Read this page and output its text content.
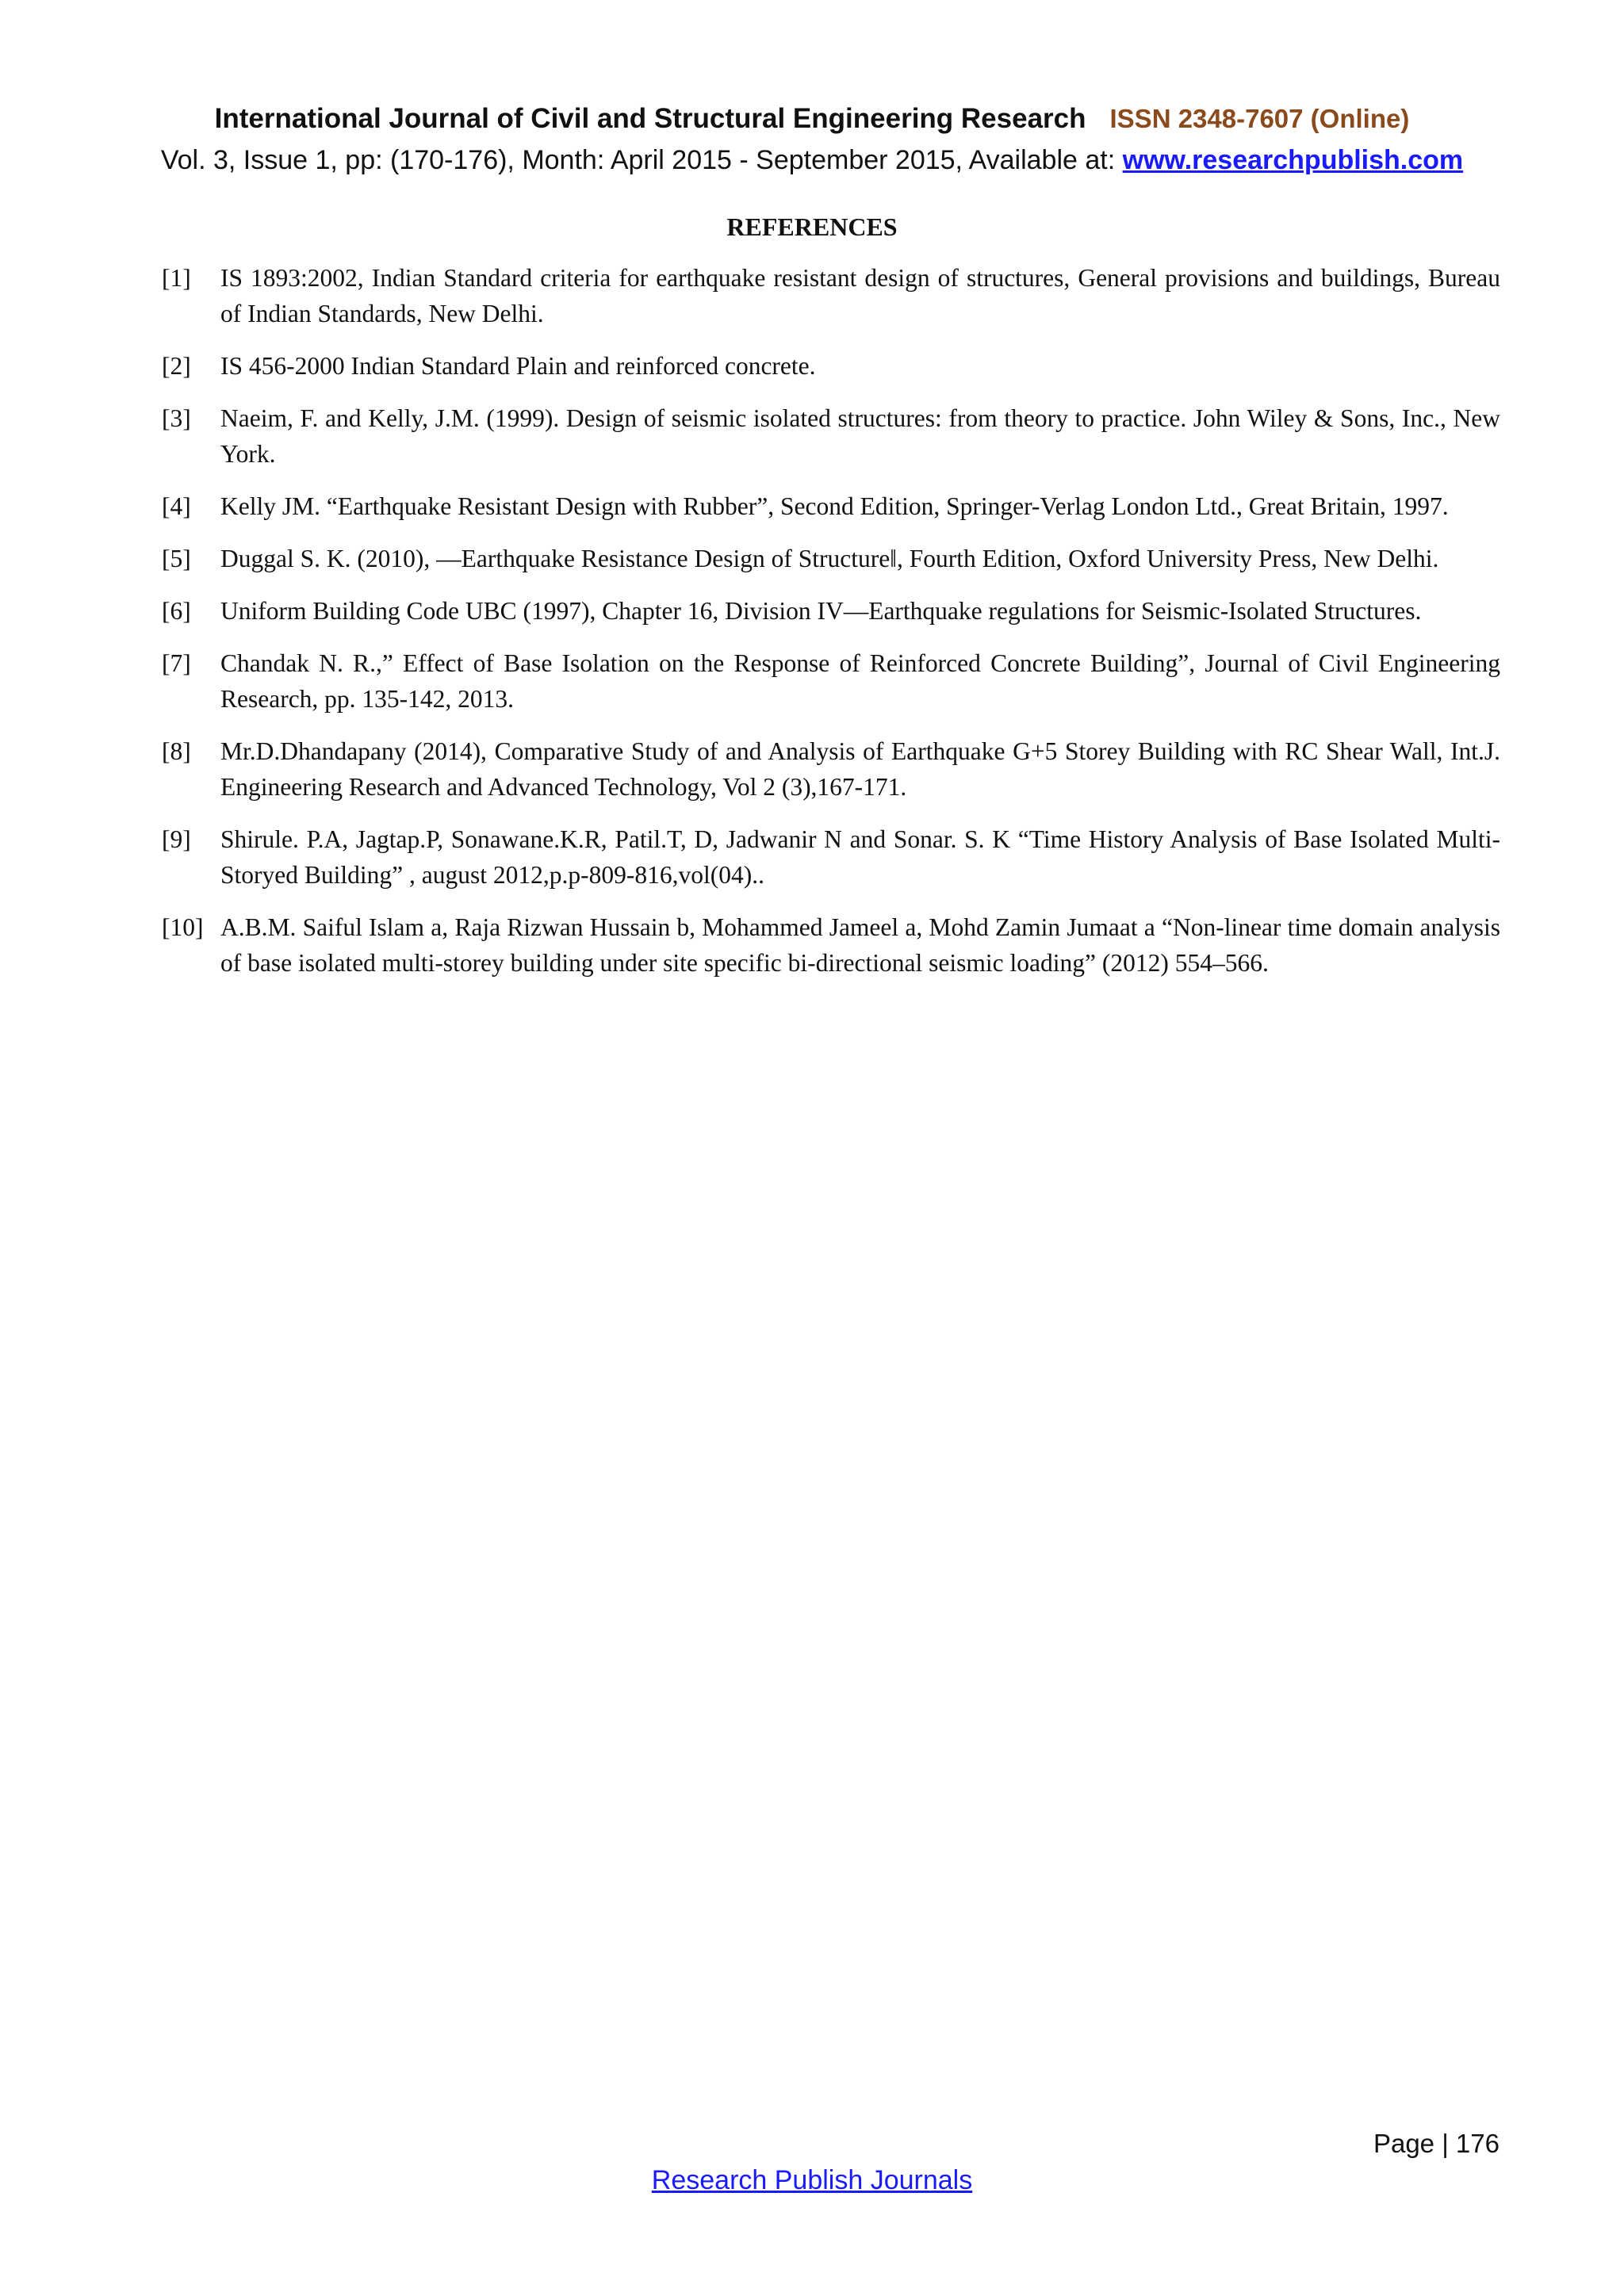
International Journal of Civil and Structural Engineering Research ISSN 2348-7607 (Online)
Vol. 3, Issue 1, pp: (170-176), Month: April 2015 - September 2015, Available at: www.researchpublish.com
REFERENCES
[1]	IS 1893:2002, Indian Standard criteria for earthquake resistant design of structures, General provisions and buildings, Bureau of Indian Standards, New Delhi.
[2]	IS 456-2000 Indian Standard Plain and reinforced concrete.
[3]	Naeim, F. and Kelly, J.M. (1999). Design of seismic isolated structures: from theory to practice. John Wiley & Sons, Inc., New York.
[4]	Kelly JM. “Earthquake Resistant Design with Rubber”, Second Edition, Springer-Verlag London Ltd., Great Britain, 1997.
[5]	Duggal S. K. (2010), ―Earthquake Resistance Design of Structure‖, Fourth Edition, Oxford University Press, New Delhi.
[6]	Uniform Building Code UBC (1997), Chapter 16, Division IV—Earthquake regulations for Seismic-Isolated Structures.
[7]	Chandak N. R.,” Effect of Base Isolation on the Response of Reinforced Concrete Building”, Journal of Civil Engineering Research, pp. 135-142, 2013.
[8]	Mr.D.Dhandapany (2014), Comparative Study of and Analysis of Earthquake G+5 Storey Building with RC Shear Wall, Int.J. Engineering Research and Advanced Technology, Vol 2 (3),167-171.
[9]	Shirule. P.A, Jagtap.P, Sonawane.K.R, Patil.T, D, Jadwanir N and Sonar. S. K “Time History Analysis of Base Isolated Multi-Storyed Building” , august 2012,p.p-809-816,vol(04)..
[10] A.B.M. Saiful Islam a, Raja Rizwan Hussain b, Mohammed Jameel a, Mohd Zamin Jumaat a “Non-linear time domain analysis of base isolated multi-storey building under site specific bi-directional seismic loading” (2012) 554–566.
Page | 176
Research Publish Journals
